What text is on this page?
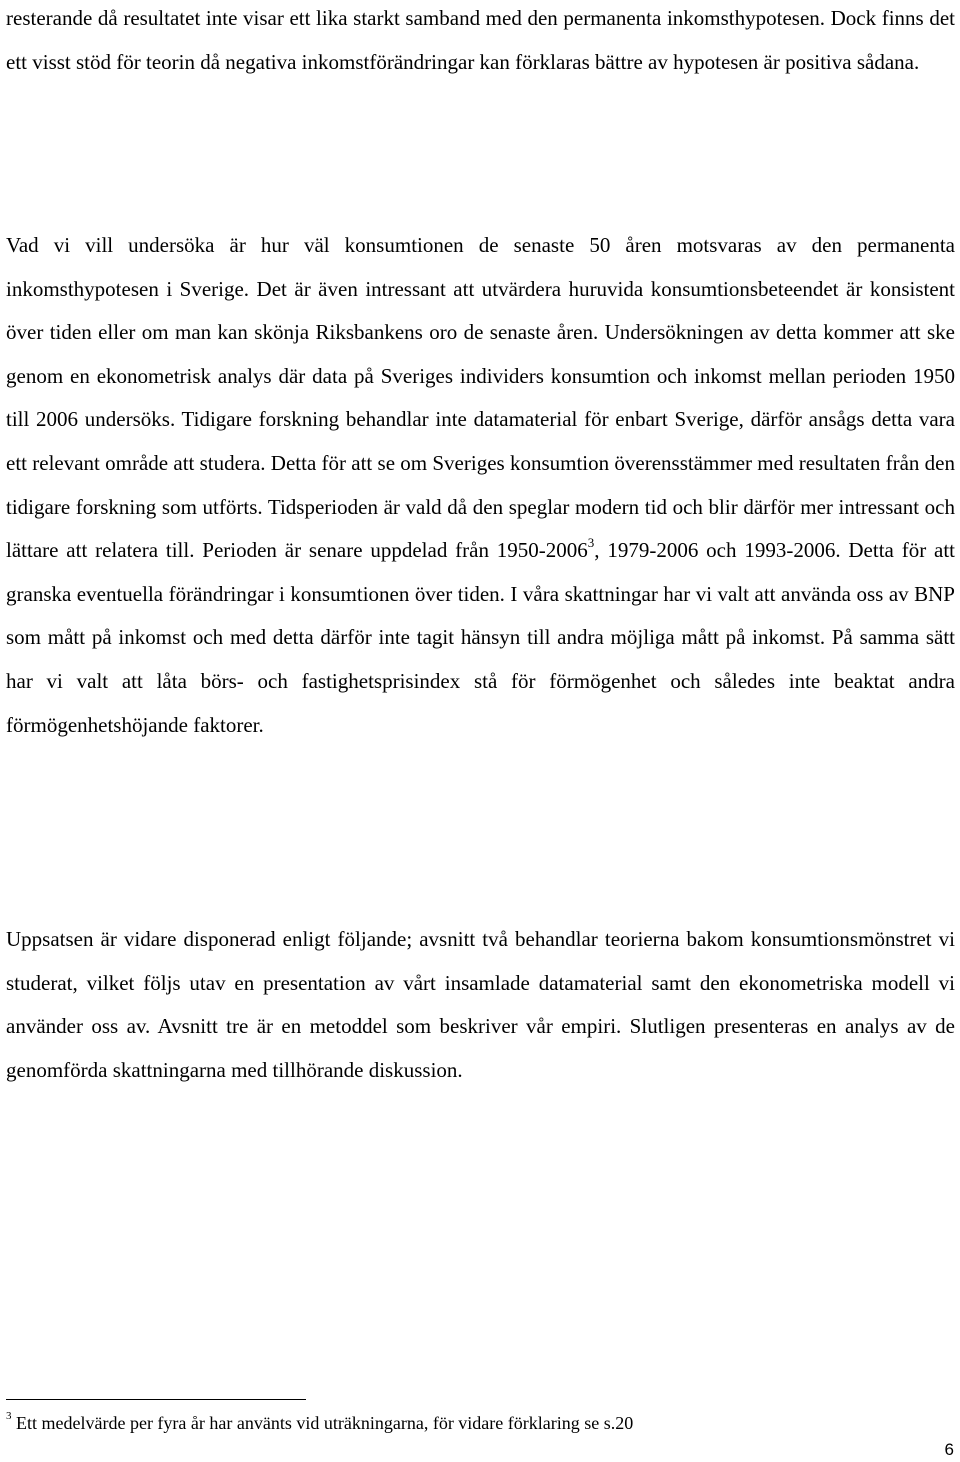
resterande då resultatet inte visar ett lika starkt samband med den permanenta inkomsthypotesen. Dock finns det ett visst stöd för teorin då negativa inkomstförändringar kan förklaras bättre av hypotesen är positiva sådana.

Vad vi vill undersöka är hur väl konsumtionen de senaste 50 åren motsvaras av den permanenta inkomsthypotesen i Sverige. Det är även intressant att utvärdera huruvida konsumtionsbeteendet är konsistent över tiden eller om man kan skönja Riksbankens oro de senaste åren. Undersökningen av detta kommer att ske genom en ekonometrisk analys där data på Sveriges individers konsumtion och inkomst mellan perioden 1950 till 2006 undersöks. Tidigare forskning behandlar inte datamaterial för enbart Sverige, därför ansågs detta vara ett relevant område att studera. Detta för att se om Sveriges konsumtion överensstämmer med resultaten från den tidigare forskning som utförts. Tidsperioden är vald då den speglar modern tid och blir därför mer intressant och lättare att relatera till. Perioden är senare uppdelad från 1950-2006$^3$, 1979-2006 och 1993-2006. Detta för att granska eventuella förändringar i konsumtionen över tiden. I våra skattningar har vi valt att använda oss av BNP som mått på inkomst och med detta därför inte tagit hänsyn till andra möjliga mått på inkomst. På samma sätt har vi valt att låta börs- och fastighetsprisindex stå för förmögenhet och således inte beaktat andra förmögenhetshöjande faktorer.

Uppsatsen är vidare disponerad enligt följande; avsnitt två behandlar teorierna bakom konsumtionsmönstret vi studerat, vilket följs utav en presentation av vårt insamlade datamaterial samt den ekonometriska modell vi använder oss av. Avsnitt tre är en metoddel som beskriver vår empiri. Slutligen presenteras en analys av de genomförda skattningarna med tillhörande diskussion.

$^3$ Ett medelvärde per fyra år har använts vid uträkningarna, för vidare förklaring se s.20

6
